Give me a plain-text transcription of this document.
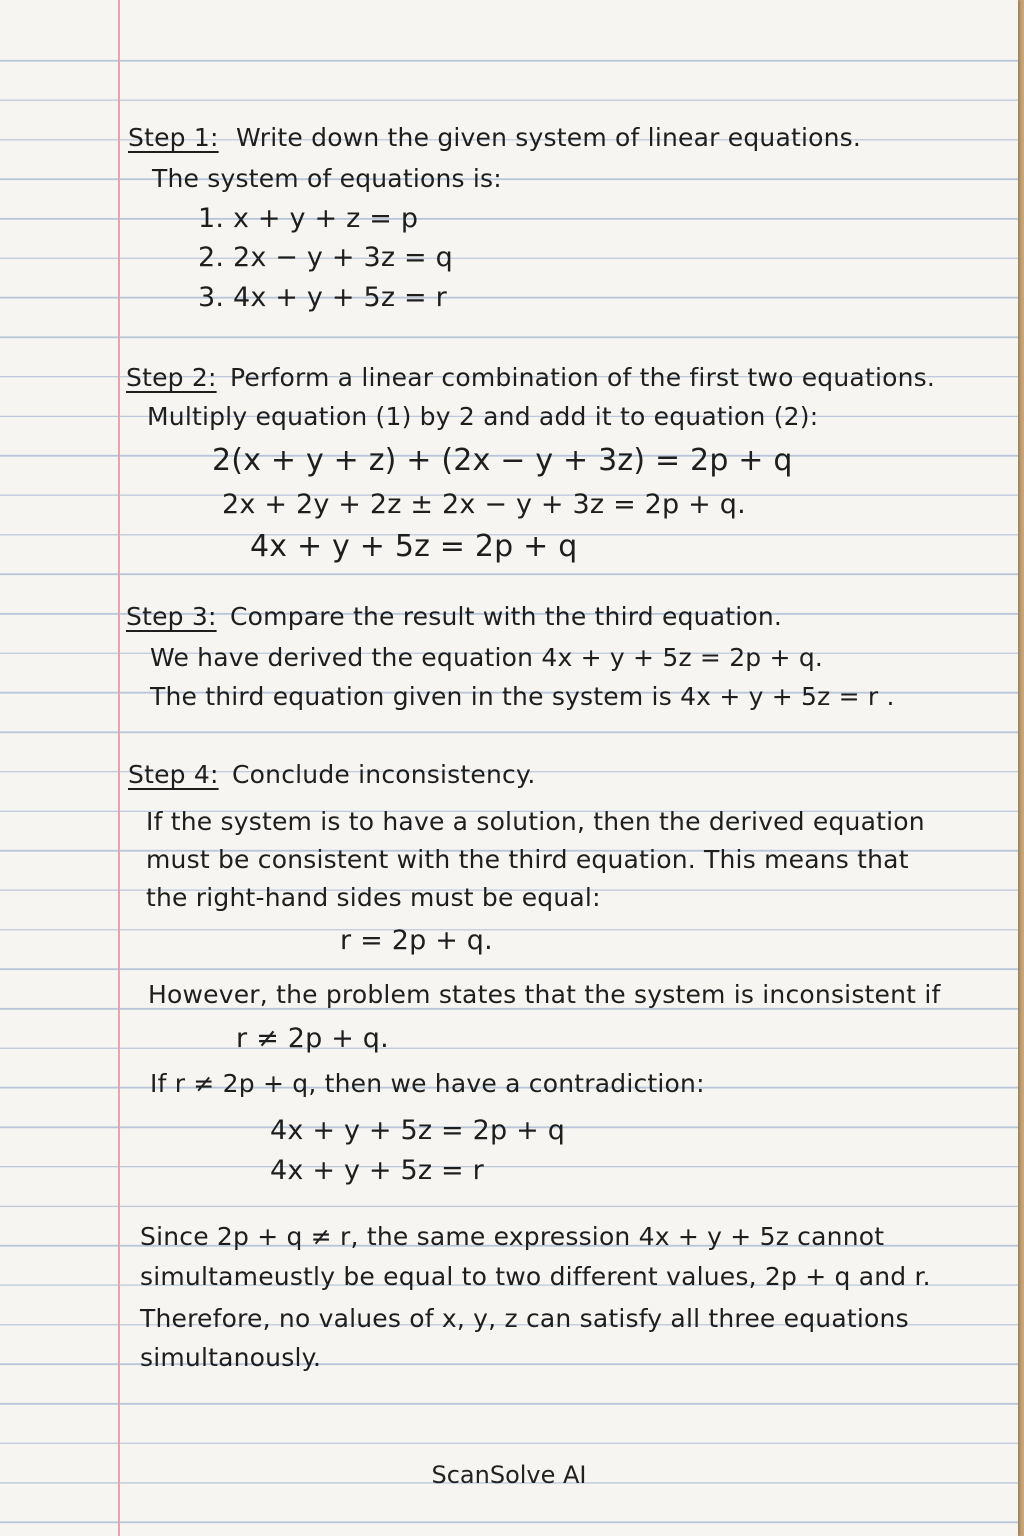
Step 1: Write down the given system of linear equations.
The system of equations is:
1. x + y + z = p
2. 2x − y + 3z = q
3. 4x + y + 5z = r
Step 2: Perform a linear combination of the first two equations.
Multiply equation (1) by 2 and add it to equation (2):
2(x + y + z) + (2x − y + 3z) = 2p + q
2x + 2y + 2z ± 2x − y + 3z = 2p + q.
4x + y + 5z = 2p + q
Step 3: Compare the result with the third equation.
We have derived the equation 4x + y + 5z = 2p + q.
The third equation given in the system is 4x + y + 5z = r .
Step 4: Conclude inconsistency.
If the system is to have a solution, then the derived equation
must be consistent with the third equation. This means that
the right-hand sides must be equal:
r = 2p + q.
However, the problem states that the system is inconsistent if
r ≠ 2p + q.
If r ≠ 2p + q, then we have a contradiction:
4x + y + 5z = 2p + q
4x + y + 5z = r
Since 2p + q ≠ r, the same expression 4x + y + 5z cannot
simultameustly be equal to two different values, 2p + q and r.
Therefore, no values of x, y, z can satisfy all three equations
simultanously.
ScanSolve AI
